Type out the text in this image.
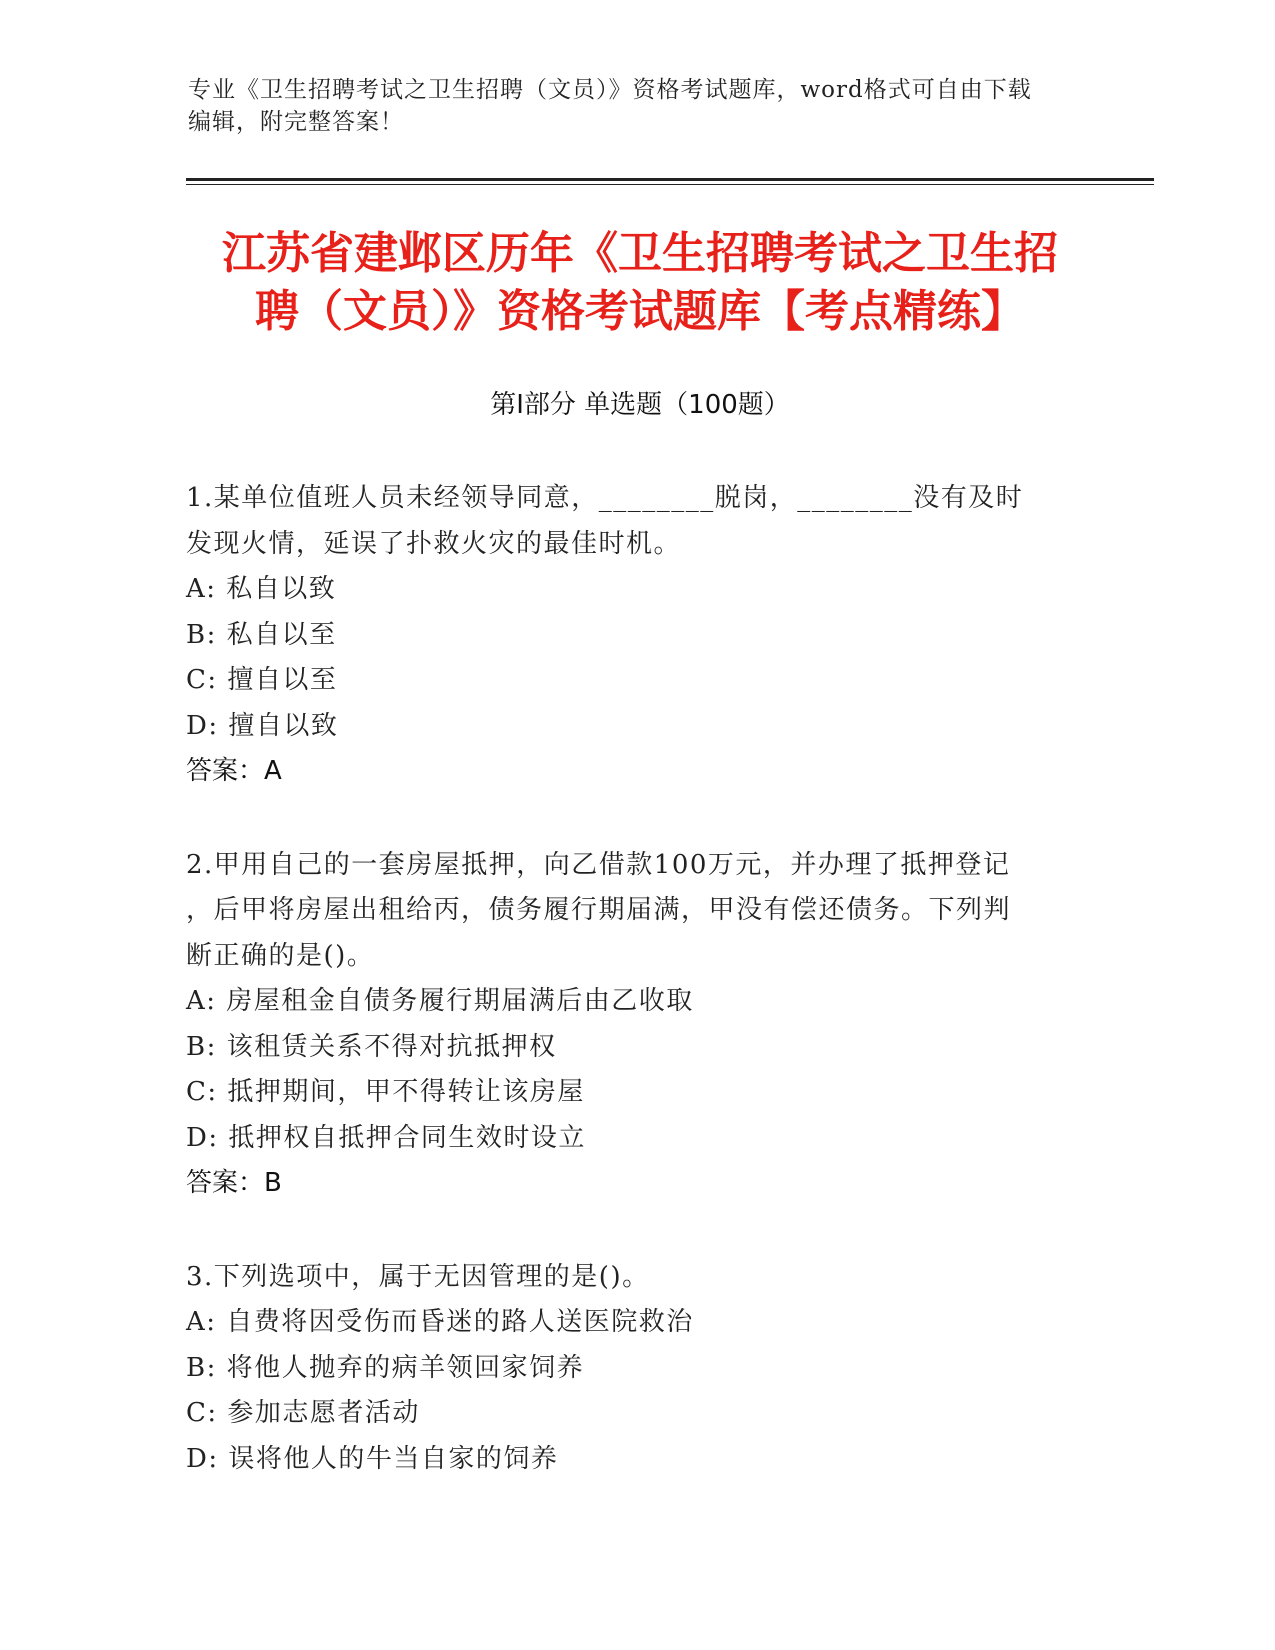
专业《卫生招聘考试之卫生招聘（文员）》资格考试题库，word格式可自由下载
编辑，附完整答案！
江苏省建邺区历年《卫生招聘考试之卫生招
聘（文员）》资格考试题库【考点精练】
第I部分 单选题（100题）
1.某单位值班人员未经领导同意，________脱岗，________没有及时
发现火情，延误了扑救火灾的最佳时机。
A: 私自以致
B: 私自以至
C: 擅自以至
D: 擅自以致
答案：A
2.甲用自己的一套房屋抵押，向乙借款100万元，并办理了抵押登记
，后甲将房屋出租给丙，债务履行期届满，甲没有偿还债务。下列判
断正确的是()。
A: 房屋租金自债务履行期届满后由乙收取
B: 该租赁关系不得对抗抵押权
C: 抵押期间，甲不得转让该房屋
D: 抵押权自抵押合同生效时设立
答案：B
3.下列选项中，属于无因管理的是()。
A: 自费将因受伤而昏迷的路人送医院救治
B: 将他人抛弃的病羊领回家饲养
C: 参加志愿者活动
D: 误将他人的牛当自家的饲养
